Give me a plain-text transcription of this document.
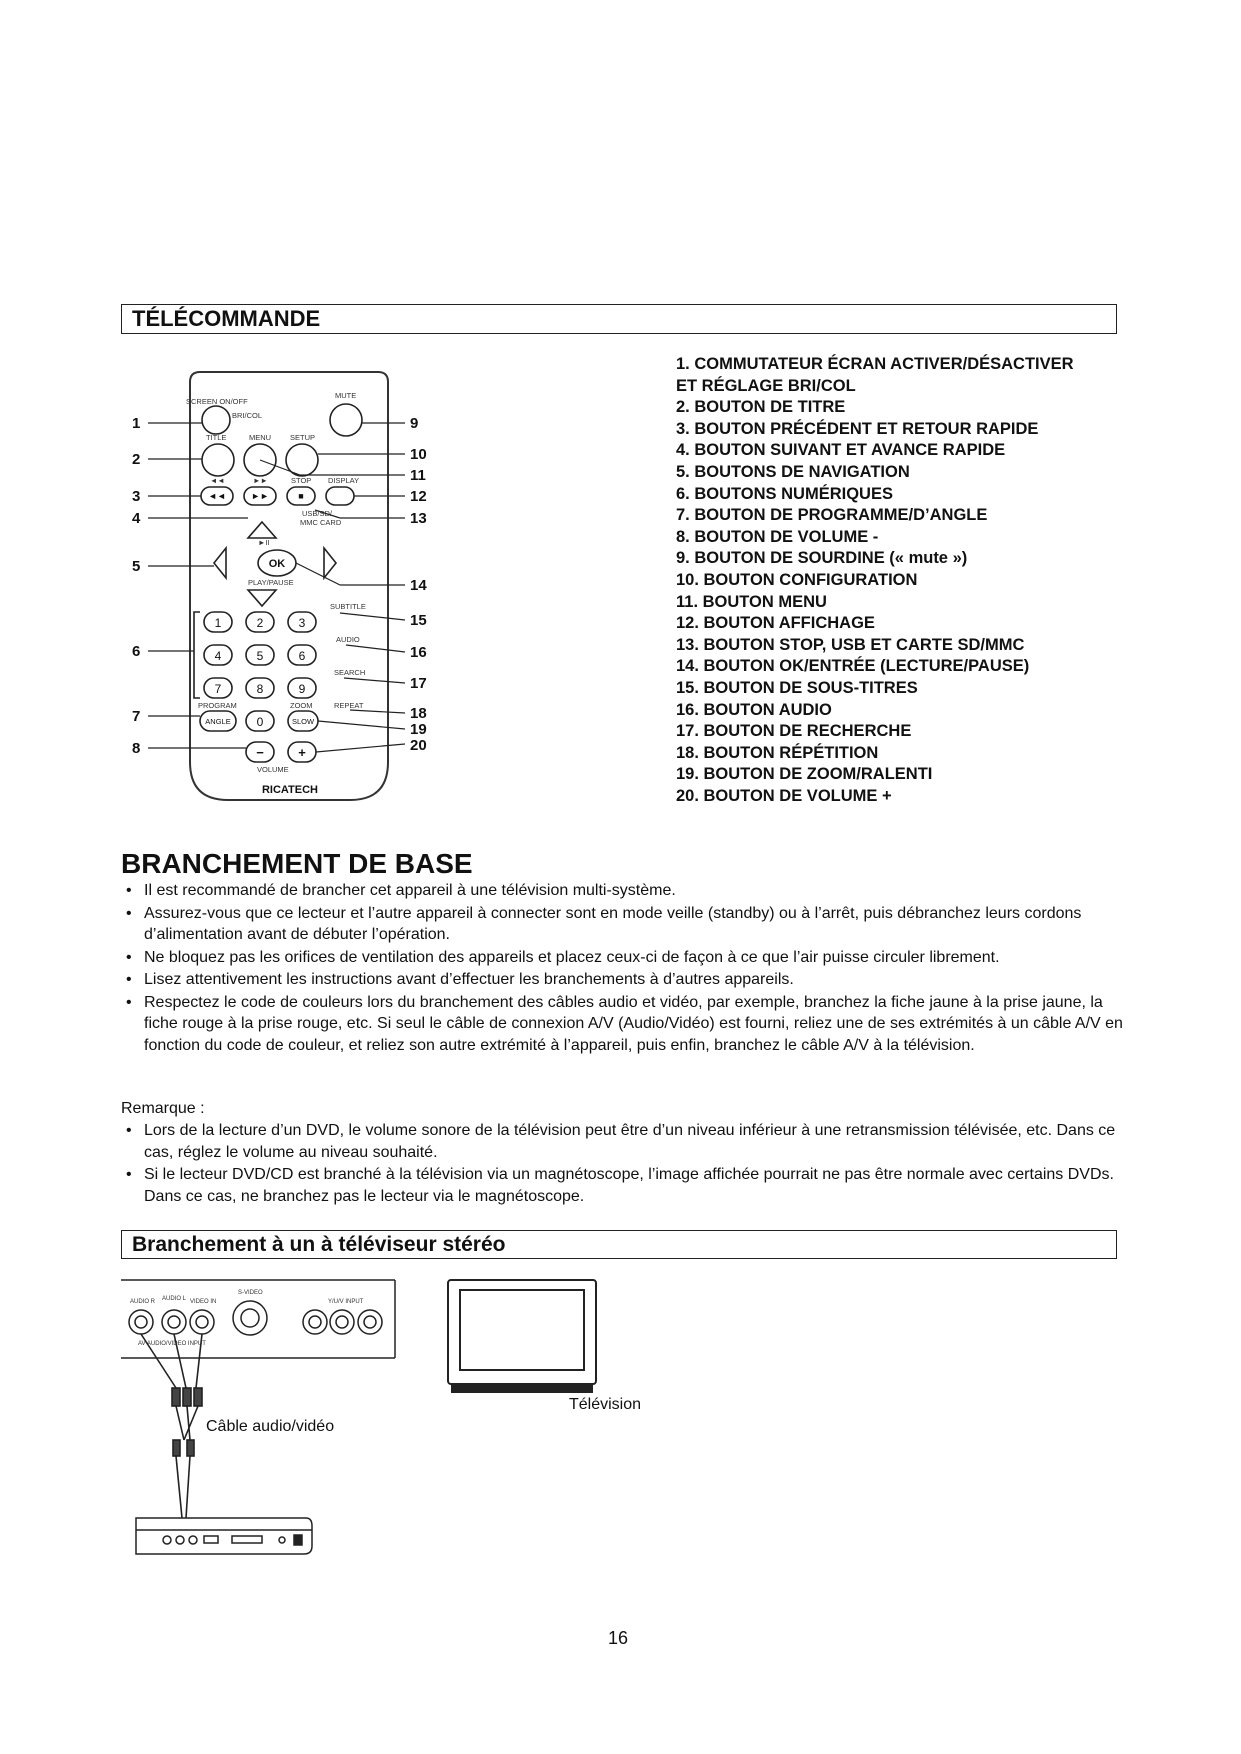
TÉLÉCOMMANDE
SCREEN ON/OFF
BRI/COL
MUTE
TITLE	MENU	SETUP
◄◄	►►	STOP DISPLAY
USB/SD/
MMC CARD
►II
PLAY/PAUSE
SUBTITLE
AUDIO
SEARCH
PROGRAM	ZOOM	REPEAT
VOLUME
◄◄	►►	■
OK
1	2	3
4	5	6
7	8	9
ANGLE 0	SLOW
−	+
RICATECH
1
2
3
4
5
6
7
8
9
10
11
12
13
14
15
16
17
18
19
20
1. COMMUTATEUR ÉCRAN ACTIVER/DÉSACTIVER
ET RÉGLAGE BRI/COL
2. BOUTON DE TITRE
3. BOUTON PRÉCÉDENT ET RETOUR RAPIDE
4. BOUTON SUIVANT ET AVANCE RAPIDE
5. BOUTONS DE NAVIGATION
6. BOUTONS NUMÉRIQUES
7. BOUTON DE PROGRAMME/D’ANGLE
8. BOUTON DE VOLUME -
9. BOUTON DE SOURDINE (« mute »)
10. BOUTON CONFIGURATION
11. BOUTON MENU
12. BOUTON AFFICHAGE
13. BOUTON STOP, USB ET CARTE SD/MMC
14. BOUTON OK/ENTRÉE (LECTURE/PAUSE)
15. BOUTON DE SOUS-TITRES
16. BOUTON AUDIO
17. BOUTON DE RECHERCHE
18. BOUTON RÉPÉTITION
19. BOUTON DE ZOOM/RALENTI
20. BOUTON DE VOLUME +
BRANCHEMENT DE BASE
• Il est recommandé de brancher cet appareil à une télévision multi-système.
• Assurez-vous que ce lecteur et l’autre appareil à connecter sont en mode veille (standby) ou à l’arrêt, puis débranchez leurs cordons d’alimentation avant de débuter l’opération.
• Ne bloquez pas les orifices de ventilation des appareils et placez ceux-ci de façon à ce que l’air puisse circuler librement.
• Lisez attentivement les instructions avant d’effectuer les branchements à d’autres appareils.
• Respectez le code de couleurs lors du branchement des câbles audio et vidéo, par exemple, branchez la fiche jaune à la prise jaune, la fiche rouge à la prise rouge, etc. Si seul le câble de connexion A/V (Audio/Vidéo) est fourni, reliez une de ses extrémités à un câble A/V en fonction du code de couleur, et reliez son autre extrémité à l’appareil, puis enfin, branchez le câble A/V à la télévision.
Remarque :
• Lors de la lecture d’un DVD, le volume sonore de la télévision peut être d’un niveau inférieur à une retransmission télévisée, etc. Dans ce cas, réglez le volume au niveau souhaité.
• Si le lecteur DVD/CD est branché à la télévision via un magnétoscope, l’image affichée pourrait ne pas être normale avec certains DVDs. Dans ce cas, ne branchez pas le lecteur via le magnétoscope.
Branchement à un à téléviseur stéréo
AUDIO R AUDIO L VIDEO IN
S-VIDEO
Y/U/V INPUT
AV AUDIO/VIDEO INPUT
Télévision
Câble audio/vidéo
16
